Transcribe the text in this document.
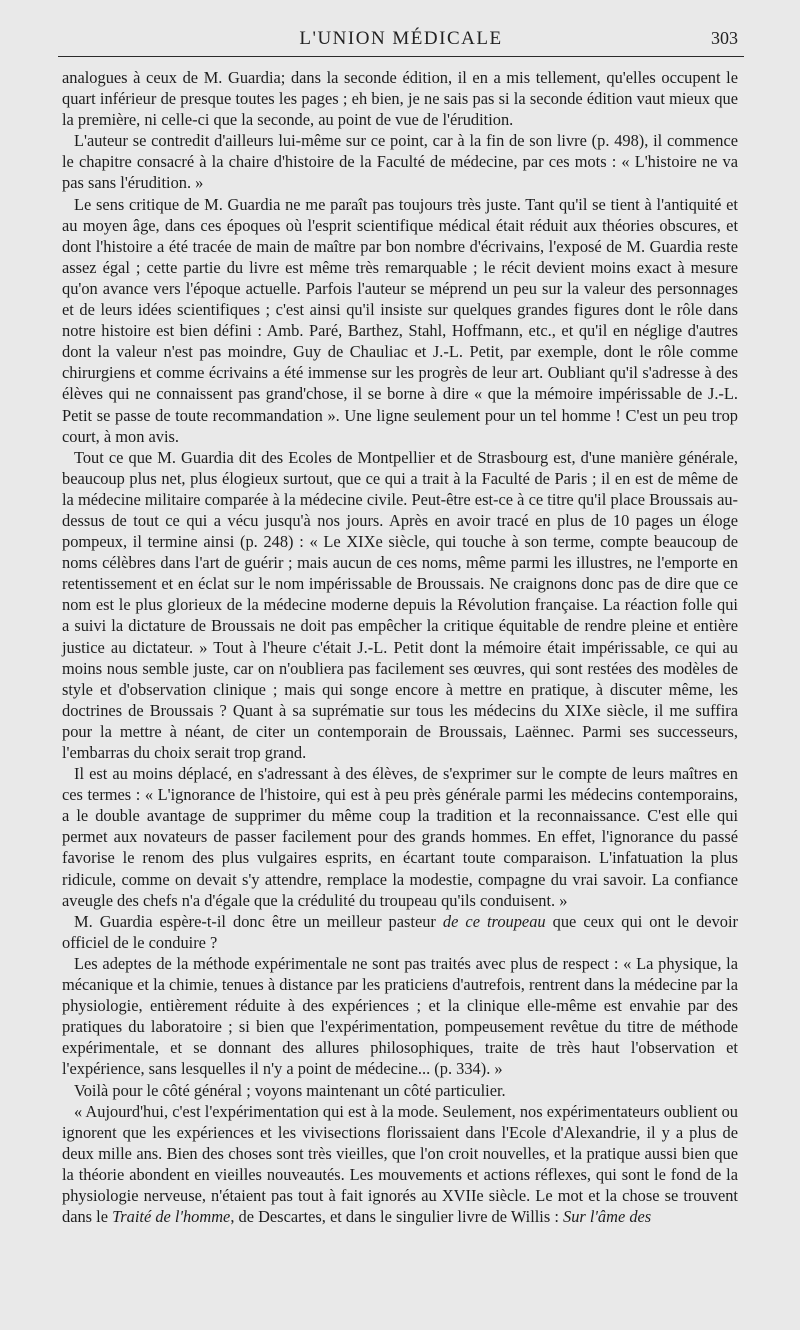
L'UNION MÉDICALE	303

analogues à ceux de M. Guardia; dans la seconde édition, il en a mis tellement, qu'elles occupent le quart inférieur de presque toutes les pages ; eh bien, je ne sais pas si la seconde édition vaut mieux que la première, ni celle-ci que la seconde, au point de vue de l'érudition.

L'auteur se contredit d'ailleurs lui-même sur ce point, car à la fin de son livre (p. 498), il commence le chapitre consacré à la chaire d'histoire de la Faculté de médecine, par ces mots : « L'histoire ne va pas sans l'érudition. »

Le sens critique de M. Guardia ne me paraît pas toujours très juste. Tant qu'il se tient à l'antiquité et au moyen âge, dans ces époques où l'esprit scientifique médical était réduit aux théories obscures, et dont l'histoire a été tracée de main de maître par bon nombre d'écrivains, l'exposé de M. Guardia reste assez égal ; cette partie du livre est même très remarquable ; le récit devient moins exact à mesure qu'on avance vers l'époque actuelle. Parfois l'auteur se méprend un peu sur la valeur des personnages et de leurs idées scientifiques ; c'est ainsi qu'il insiste sur quelques grandes figures dont le rôle dans notre histoire est bien défini : Amb. Paré, Barthez, Stahl, Hoffmann, etc., et qu'il en néglige d'autres dont la valeur n'est pas moindre, Guy de Chauliac et J.-L. Petit, par exemple, dont le rôle comme chirurgiens et comme écrivains a été immense sur les progrès de leur art. Oubliant qu'il s'adresse à des élèves qui ne connaissent pas grand'chose, il se borne à dire « que la mémoire impérissable de J.-L. Petit se passe de toute recommandation ». Une ligne seulement pour un tel homme ! C'est un peu trop court, à mon avis.

Tout ce que M. Guardia dit des Ecoles de Montpellier et de Strasbourg est, d'une manière générale, beaucoup plus net, plus élogieux surtout, que ce qui a trait à la Faculté de Paris ; il en est de même de la médecine militaire comparée à la médecine civile. Peut-être est-ce à ce titre qu'il place Broussais au-dessus de tout ce qui a vécu jusqu'à nos jours. Après en avoir tracé en plus de 10 pages un éloge pompeux, il termine ainsi (p. 248) : « Le XIXe siècle, qui touche à son terme, compte beaucoup de noms célèbres dans l'art de guérir ; mais aucun de ces noms, même parmi les illustres, ne l'emporte en retentissement et en éclat sur le nom impérissable de Broussais. Ne craignons donc pas de dire que ce nom est le plus glorieux de la médecine moderne depuis la Révolution française. La réaction folle qui a suivi la dictature de Broussais ne doit pas empêcher la critique équitable de rendre pleine et entière justice au dictateur. » Tout à l'heure c'était J.-L. Petit dont la mémoire était impérissable, ce qui au moins nous semble juste, car on n'oubliera pas facilement ses œuvres, qui sont restées des modèles de style et d'observation clinique ; mais qui songe encore à mettre en pratique, à discuter même, les doctrines de Broussais ? Quant à sa suprématie sur tous les médecins du XIXe siècle, il me suffira pour la mettre à néant, de citer un contemporain de Broussais, Laënnec. Parmi ses successeurs, l'embarras du choix serait trop grand.

Il est au moins déplacé, en s'adressant à des élèves, de s'exprimer sur le compte de leurs maîtres en ces termes : « L'ignorance de l'histoire, qui est à peu près générale parmi les médecins contemporains, a le double avantage de supprimer du même coup la tradition et la reconnaissance. C'est elle qui permet aux novateurs de passer facilement pour des grands hommes. En effet, l'ignorance du passé favorise le renom des plus vulgaires esprits, en écartant toute comparaison. L'infatuation la plus ridicule, comme on devait s'y attendre, remplace la modestie, compagne du vrai savoir. La confiance aveugle des chefs n'a d'égale que la crédulité du troupeau qu'ils conduisent. »

M. Guardia espère-t-il donc être un meilleur pasteur de ce troupeau que ceux qui ont le devoir officiel de le conduire ?

Les adeptes de la méthode expérimentale ne sont pas traités avec plus de respect : « La physique, la mécanique et la chimie, tenues à distance par les praticiens d'autrefois, rentrent dans la médecine par la physiologie, entièrement réduite à des expériences ; et la clinique elle-même est envahie par des pratiques du laboratoire ; si bien que l'expérimentation, pompeusement revêtue du titre de méthode expérimentale, et se donnant des allures philosophiques, traite de très haut l'observation et l'expérience, sans lesquelles il n'y a point de médecine... (p. 334). »

Voilà pour le côté général ; voyons maintenant un côté particulier.

« Aujourd'hui, c'est l'expérimentation qui est à la mode. Seulement, nos expérimentateurs oublient ou ignorent que les expériences et les vivisections florissaient dans l'Ecole d'Alexandrie, il y a plus de deux mille ans. Bien des choses sont très vieilles, que l'on croit nouvelles, et la pratique aussi bien que la théorie abondent en vieilles nouveautés. Les mouvements et actions réflexes, qui sont le fond de la physiologie nerveuse, n'étaient pas tout à fait ignorés au XVIIe siècle. Le mot et la chose se trouvent dans le Traité de l'homme, de Descartes, et dans le singulier livre de Willis : Sur l'âme des
